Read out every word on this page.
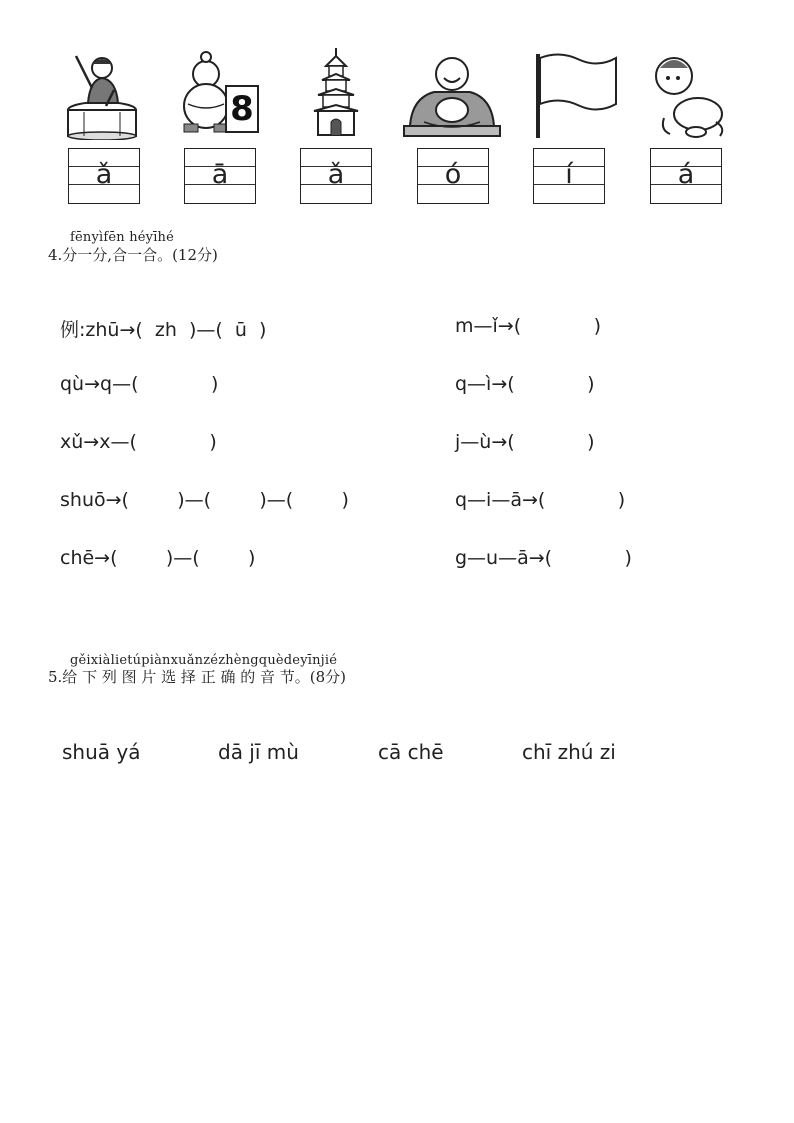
8
ǎ	ā	ǎ	ó	í	á
fēnyìfēn héyīhé
4.分一分,合一合。(12分)
例:zhū→(  zh  )—(  ū  )	m—ǐ→(            )
qù→q—(            )	q—ì→(            )
xǔ→x—(            )	j—ù→(            )
shuō→(        )—(        )—(        )	q—i—ā→(            )
chē→(        )—(        )	g—u—ā→(            )
gěixiàlietúpiànxuǎnzézhèngquèdeyīnjié
5.给 下 列 图 片 选 择 正 确 的 音 节。(8分)
shuā yá	dā jī mù	cā chē	chī zhú zi
